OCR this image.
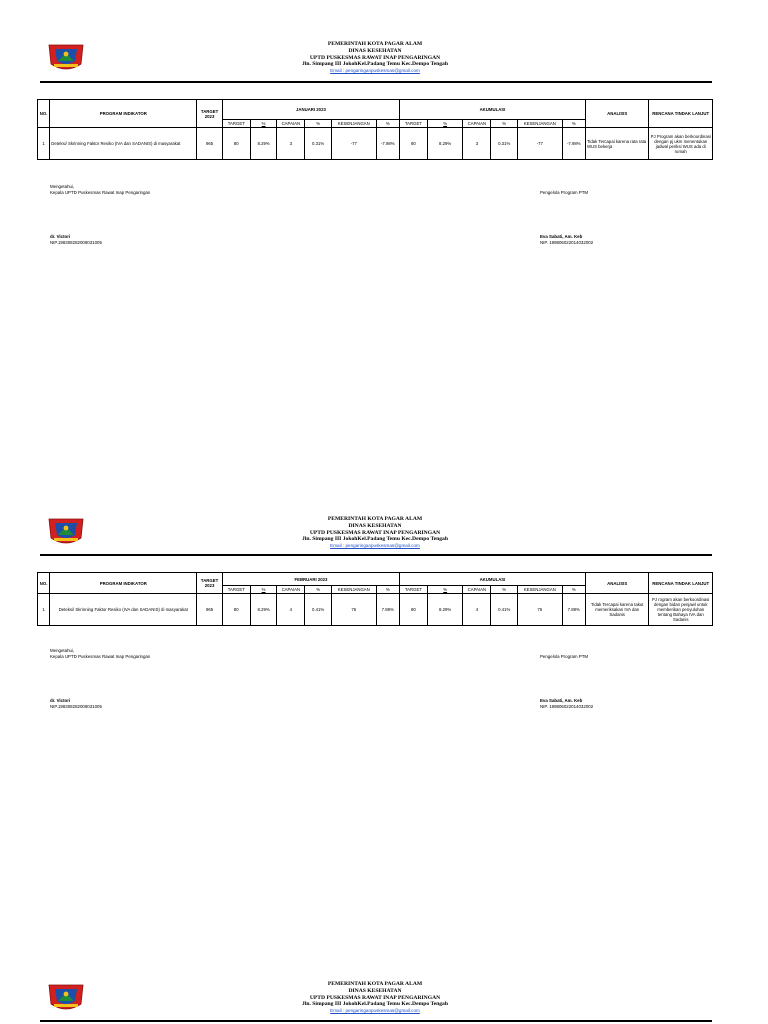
PEMERINTAH KOTA PAGAR ALAM
DINAS KESEHATAN
UPTD PUSKESMAS RAWAT INAP PENGARINGAN
Jln. Simpang III JokohKel.Padang Temu Kec.Dempo Tengah
Email : pengaringanpuskesmas@gmail.com
NO.	PROGRAM INDIKATOR	TARGET 2023	JANUARI 2023						AKUMULASI						ANALISIS	RENCANA TINDAK LANJUT
			TARGET	%	CAPAIAN	%	KESENJANGAN	%	TARGET	%	CAPAIAN	%	KESENJANGAN	%		
1	Deteksi/ Skrinning Faktor Resiko (IVA dan SADANIS) di masyarakat	965	80	8.29%	3	0.31%	-77	-7.98%	80	8.29%	3	0.31%	-77	-7.98%	Tidak Tercapai karena rata rata WUS bekerja	PJ Program akan berkoordinasi dengan pj ukm menentukan jadwal periksi WUS ada di rumah
Mengetahui,
Kepala UPTD Puskesmas Rawat Inap Pengaringan
dr. Victori
NIP.198308282009031005
Pengelola Program PTM
Eva Sabati, Am. Keb
NIP. 199806022014032002
PEMERINTAH KOTA PAGAR ALAM
DINAS KESEHATAN
UPTD PUSKESMAS RAWAT INAP PENGARINGAN
Jln. Simpang III JokohKel.Padang Temu Kec.Dempo Tengah
Email : pengaringanpuskesmas@gmail.com
NO.	PROGRAM INDIKATOR	TARGET 2023	FEBRUARI 2023						AKUMULASI						ANALISIS	RENCANA TINDAK LANJUT
			TARGET	%	CAPAIAN	%	KESENJANGAN	%	TARGET	%	CAPAIAN	%	KESENJANGAN	%		
1	Deteksi/ Skrinning Faktor Resiko (IVA dan SADANIS) di masyarakat	965	80	8.29%	4	0.41%	76	7.88%	80	8.29%	4	0.41%	76	7.88%	Tidak Tercapai karena takut memeriksakan IVA dan Sadanis	PJ rogram akan berkoordinasi dengan bidan penjawl untuk memberikan penyuluhan tentang Bahaya IVA dan Sadanis
Mengetahui,
Kepala UPTD Puskesmas Rawat Inap Pengaringan
dr. Victori
NIP.198308282009031005
Pengelola Program PTM
Eva Sabati, Am. Keb
NIP. 199806022014032002
PEMERINTAH KOTA PAGAR ALAM
DINAS KESEHATAN
UPTD PUSKESMAS RAWAT INAP PENGARINGAN
Jln. Simpang III JokohKel.Padang Temu Kec.Dempo Tengah
Email : pengaringanpuskesmas@gmail.com
